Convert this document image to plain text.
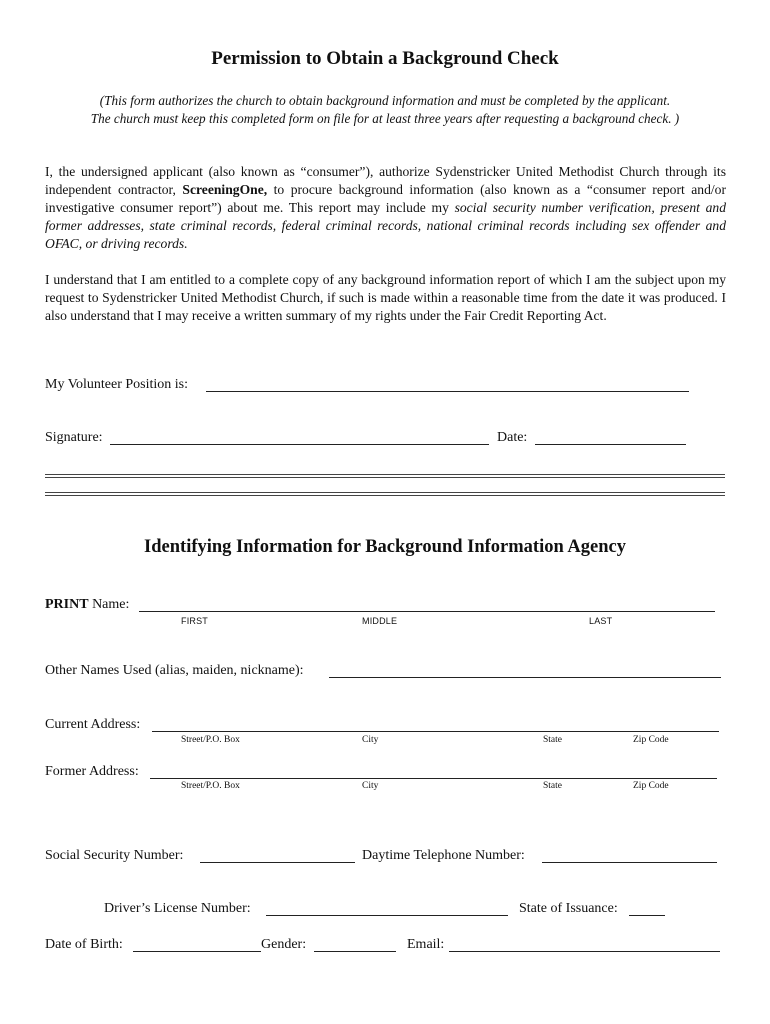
Permission to Obtain a Background Check
(This form authorizes the church to obtain background information and must be completed by the applicant.
The church must keep this completed form on file for at least three years after requesting a background check. )
I, the undersigned applicant (also known as “consumer”), authorize Sydenstricker United Methodist Church through its independent contractor, ScreeningOne, to procure background information (also known as a “consumer report and/or investigative consumer report”) about me. This report may include my social security number verification, present and former addresses, state criminal records, federal criminal records, national criminal records including sex offender and OFAC, or driving records.
I understand that I am entitled to a complete copy of any background information report of which I am the subject upon my request to Sydenstricker United Methodist Church, if such is made within a reasonable time from the date it was produced. I also understand that I may receive a written summary of my rights under the Fair Credit Reporting Act.
My Volunteer Position is:
Signature:	Date:
Identifying Information for Background Information Agency
PRINT Name:
FIRST	MIDDLE	LAST
Other Names Used (alias, maiden, nickname):
Current Address:
Street/P.O. Box	City	State	Zip Code
Former Address:
Street/P.O. Box	City	State	Zip Code
Social Security Number:	Daytime Telephone Number:
Driver’s License Number:	State of Issuance:
Date of Birth:	Gender:	Email:
